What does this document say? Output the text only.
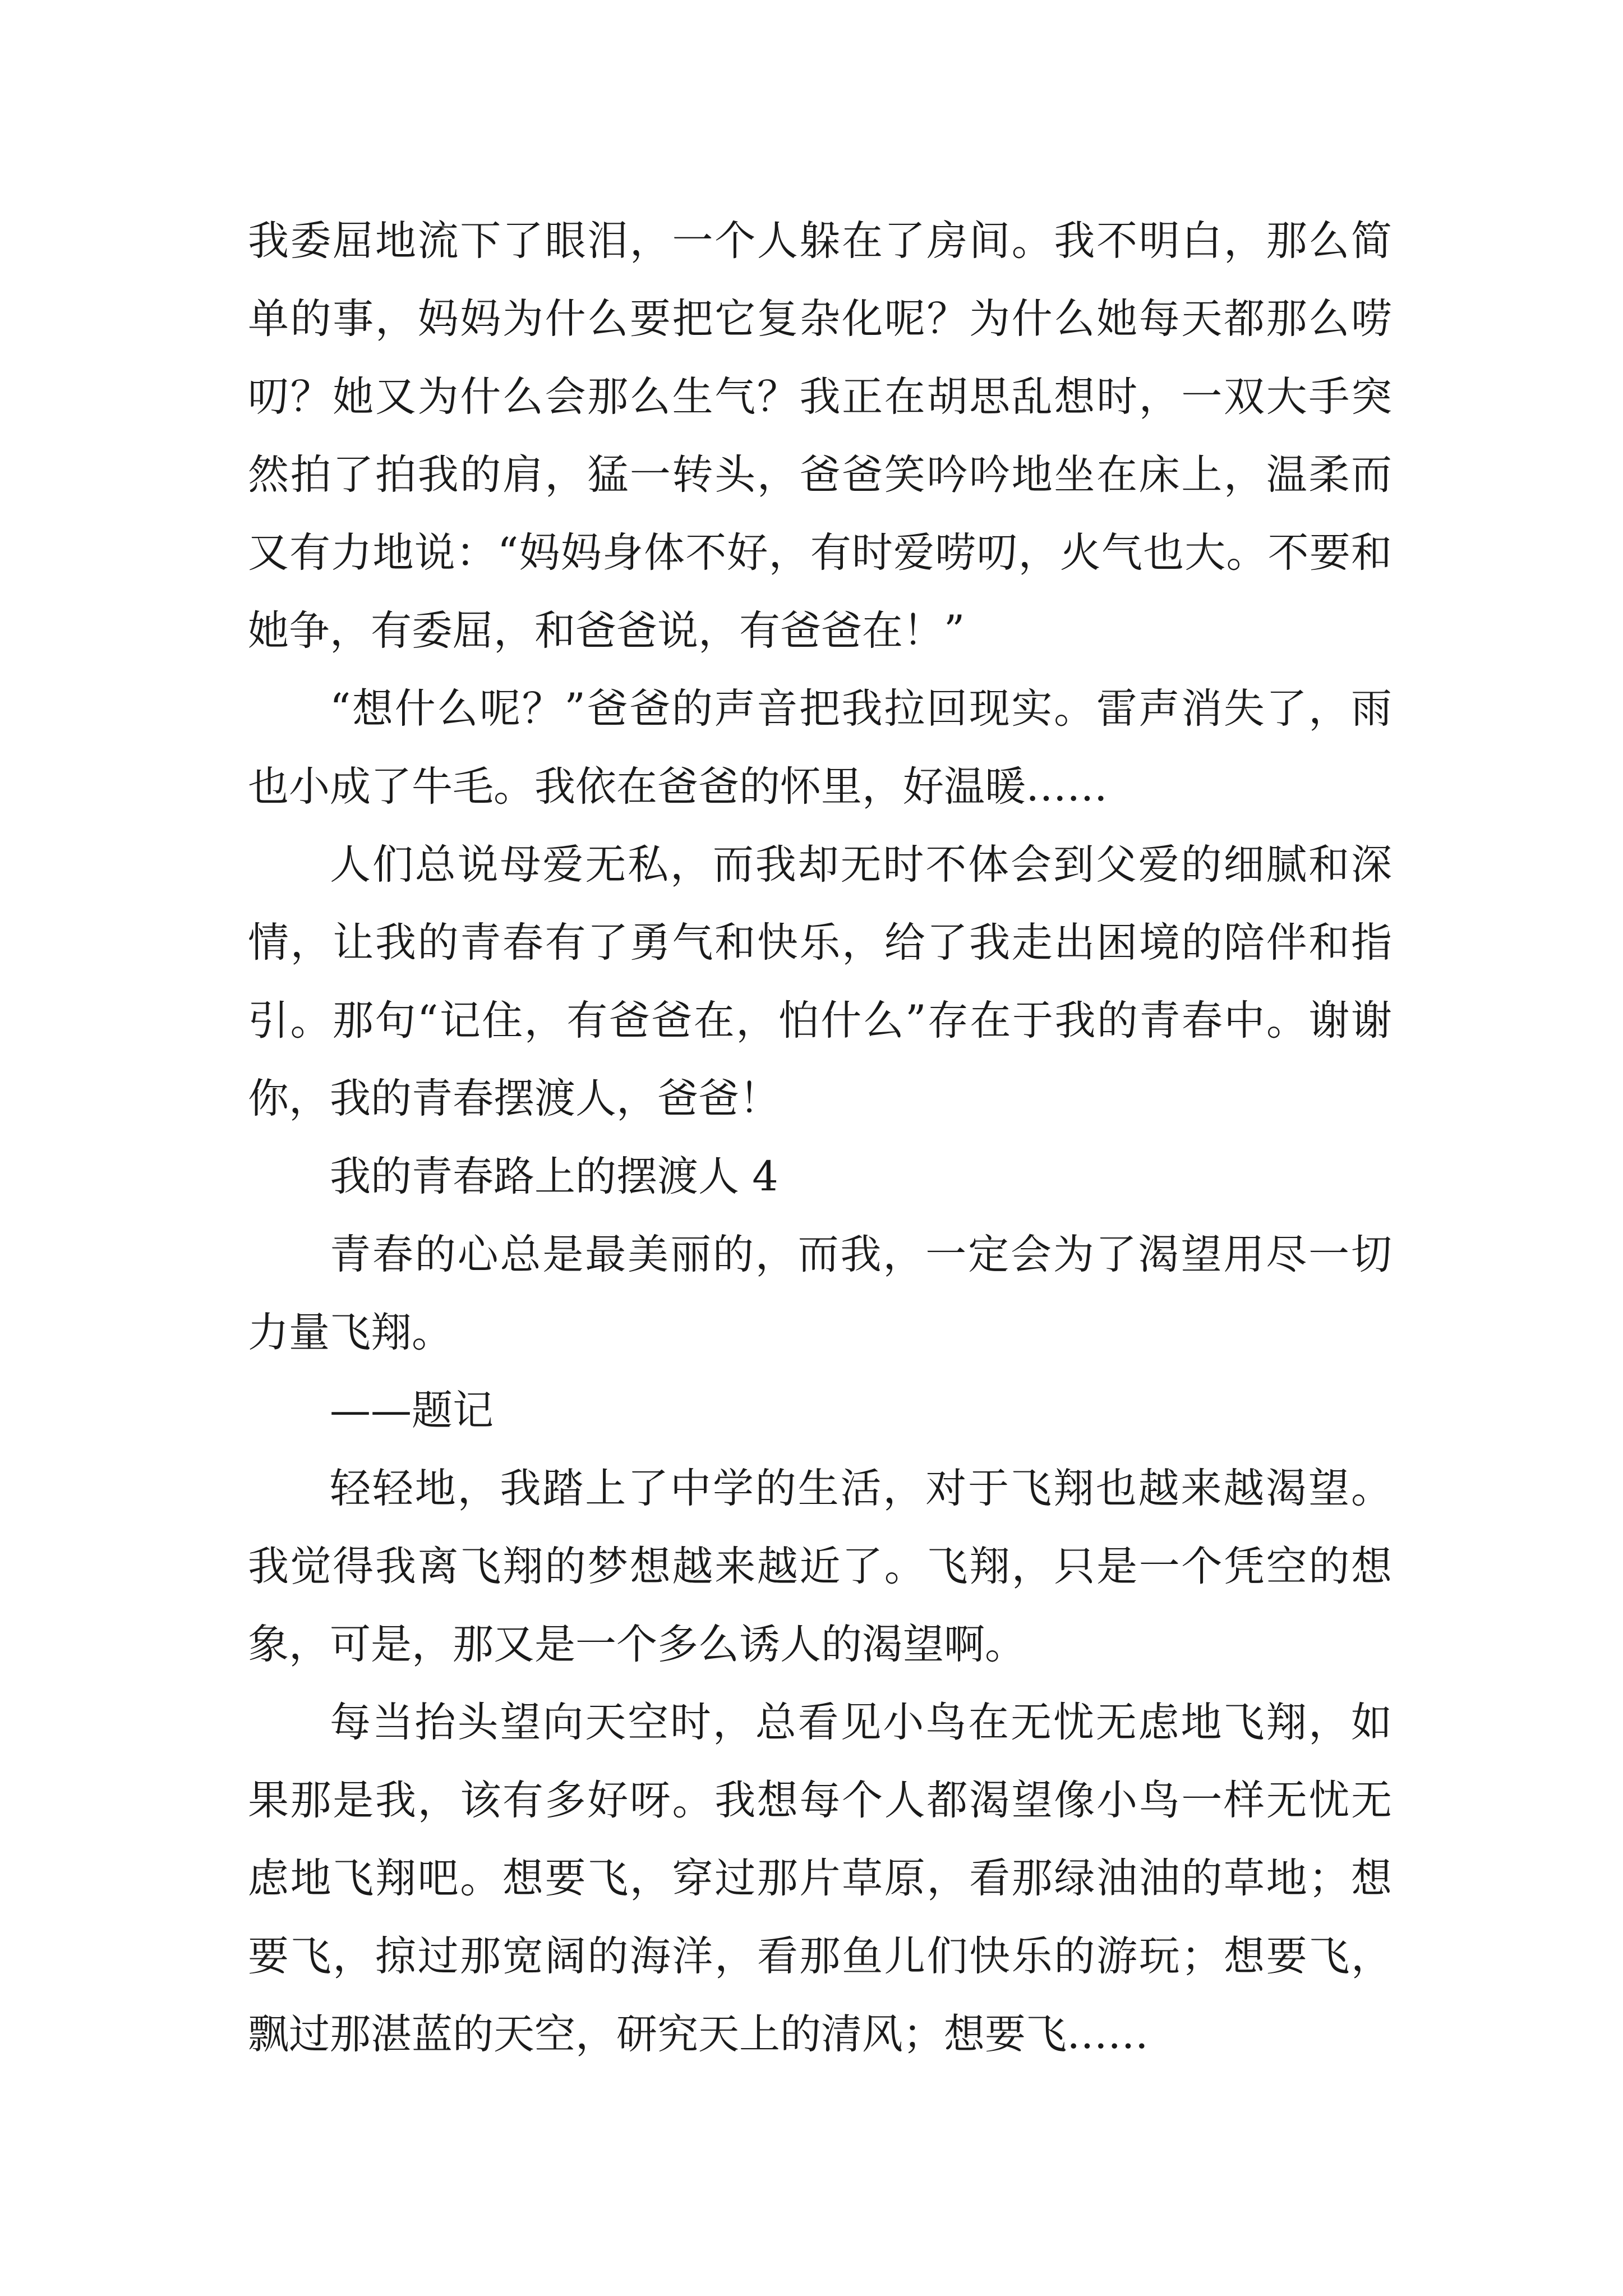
我委屈地流下了眼泪，一个人躲在了房间。我不明白，那么简单的事，妈妈为什么要把它复杂化呢？为什么她每天都那么唠叨？她又为什么会那么生气？我正在胡思乱想时，一双大手突然拍了拍我的肩，猛一转头，爸爸笑吟吟地坐在床上，温柔而又有力地说：“妈妈身体不好，有时爱唠叨，火气也大。不要和她争，有委屈，和爸爸说，有爸爸在！”

“想什么呢？”爸爸的声音把我拉回现实。雷声消失了，雨也小成了牛毛。我依在爸爸的怀里，好温暖……

人们总说母爱无私，而我却无时不体会到父爱的细腻和深情，让我的青春有了勇气和快乐，给了我走出困境的陪伴和指引。那句“记住，有爸爸在，怕什么”存在于我的青春中。谢谢你，我的青春摆渡人，爸爸！

我的青春路上的摆渡人 4

青春的心总是最美丽的，而我，一定会为了渴望用尽一切力量飞翔。

——题记

轻轻地，我踏上了中学的生活，对于飞翔也越来越渴望。我觉得我离飞翔的梦想越来越近了。飞翔，只是一个凭空的想象，可是，那又是一个多么诱人的渴望啊。

每当抬头望向天空时，总看见小鸟在无忧无虑地飞翔，如果那是我，该有多好呀。我想每个人都渴望像小鸟一样无忧无虑地飞翔吧。想要飞，穿过那片草原，看那绿油油的草地；想要飞，掠过那宽阔的海洋，看那鱼儿们快乐的游玩；想要飞，飘过那湛蓝的天空，研究天上的清风；想要飞……
